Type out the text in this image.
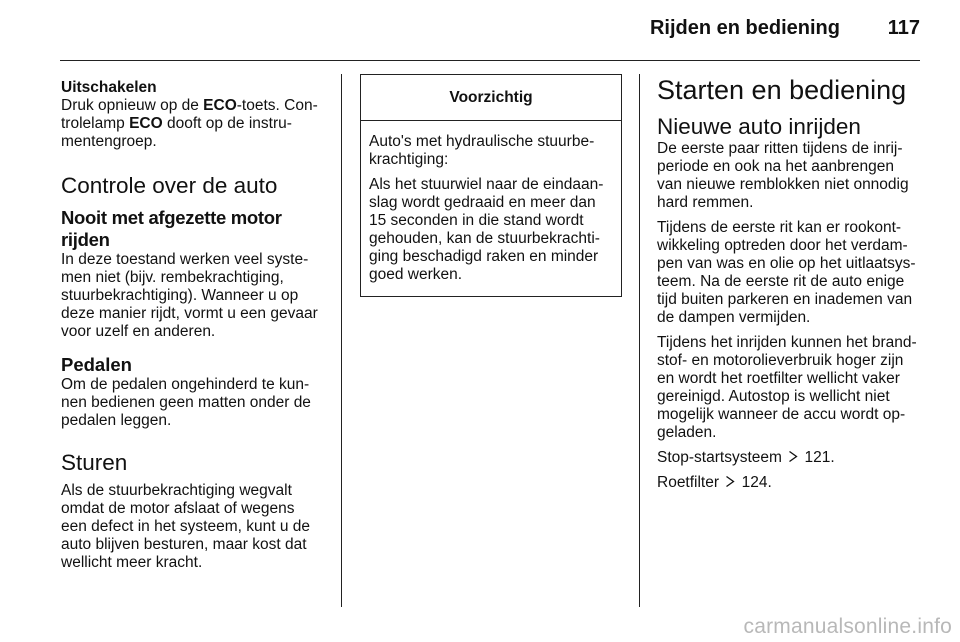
Rijden en bediening	117

Uitschakelen

Druk opnieuw op de ECO-toets. Con-

trolelamp ECO dooft op de instru-

mentengroep.

Controle over de auto

Nooit met afgezette motor rijden

In deze toestand werken veel syste-

men niet (bijv. rembekrachtiging,

stuurbekrachtiging). Wanneer u op

deze manier rijdt, vormt u een gevaar

voor uzelf en anderen.

Pedalen

Om de pedalen ongehinderd te kun-

nen bedienen geen matten onder de

pedalen leggen.

Sturen

Als de stuurbekrachtiging wegvalt

omdat de motor afslaat of wegens

een defect in het systeem, kunt u de

auto blijven besturen, maar kost dat

wellicht meer kracht.

Voorzichtig

Auto's met hydraulische stuurbe-

krachtiging:

Als het stuurwiel naar de eindaan-

slag wordt gedraaid en meer dan

15 seconden in die stand wordt

gehouden, kan de stuurbekrachti-

ging beschadigd raken en minder

goed werken.

Starten en bediening

Nieuwe auto inrijden

De eerste paar ritten tijdens de inrij-

periode en ook na het aanbrengen

van nieuwe remblokken niet onnodig

hard remmen.

Tijdens de eerste rit kan er rookont-

wikkeling optreden door het verdam-

pen van was en olie op het uitlaatsys-

teem. Na de eerste rit de auto enige

tijd buiten parkeren en inademen van

de dampen vermijden.

Tijdens het inrijden kunnen het brand-

stof- en motorolieverbruik hoger zijn

en wordt het roetfilter wellicht vaker

gereinigd. Autostop is wellicht niet

mogelijk wanneer de accu wordt op-

geladen.

Stop-startsysteem 121.

Roetfilter 124.

carmanualsonline.info
